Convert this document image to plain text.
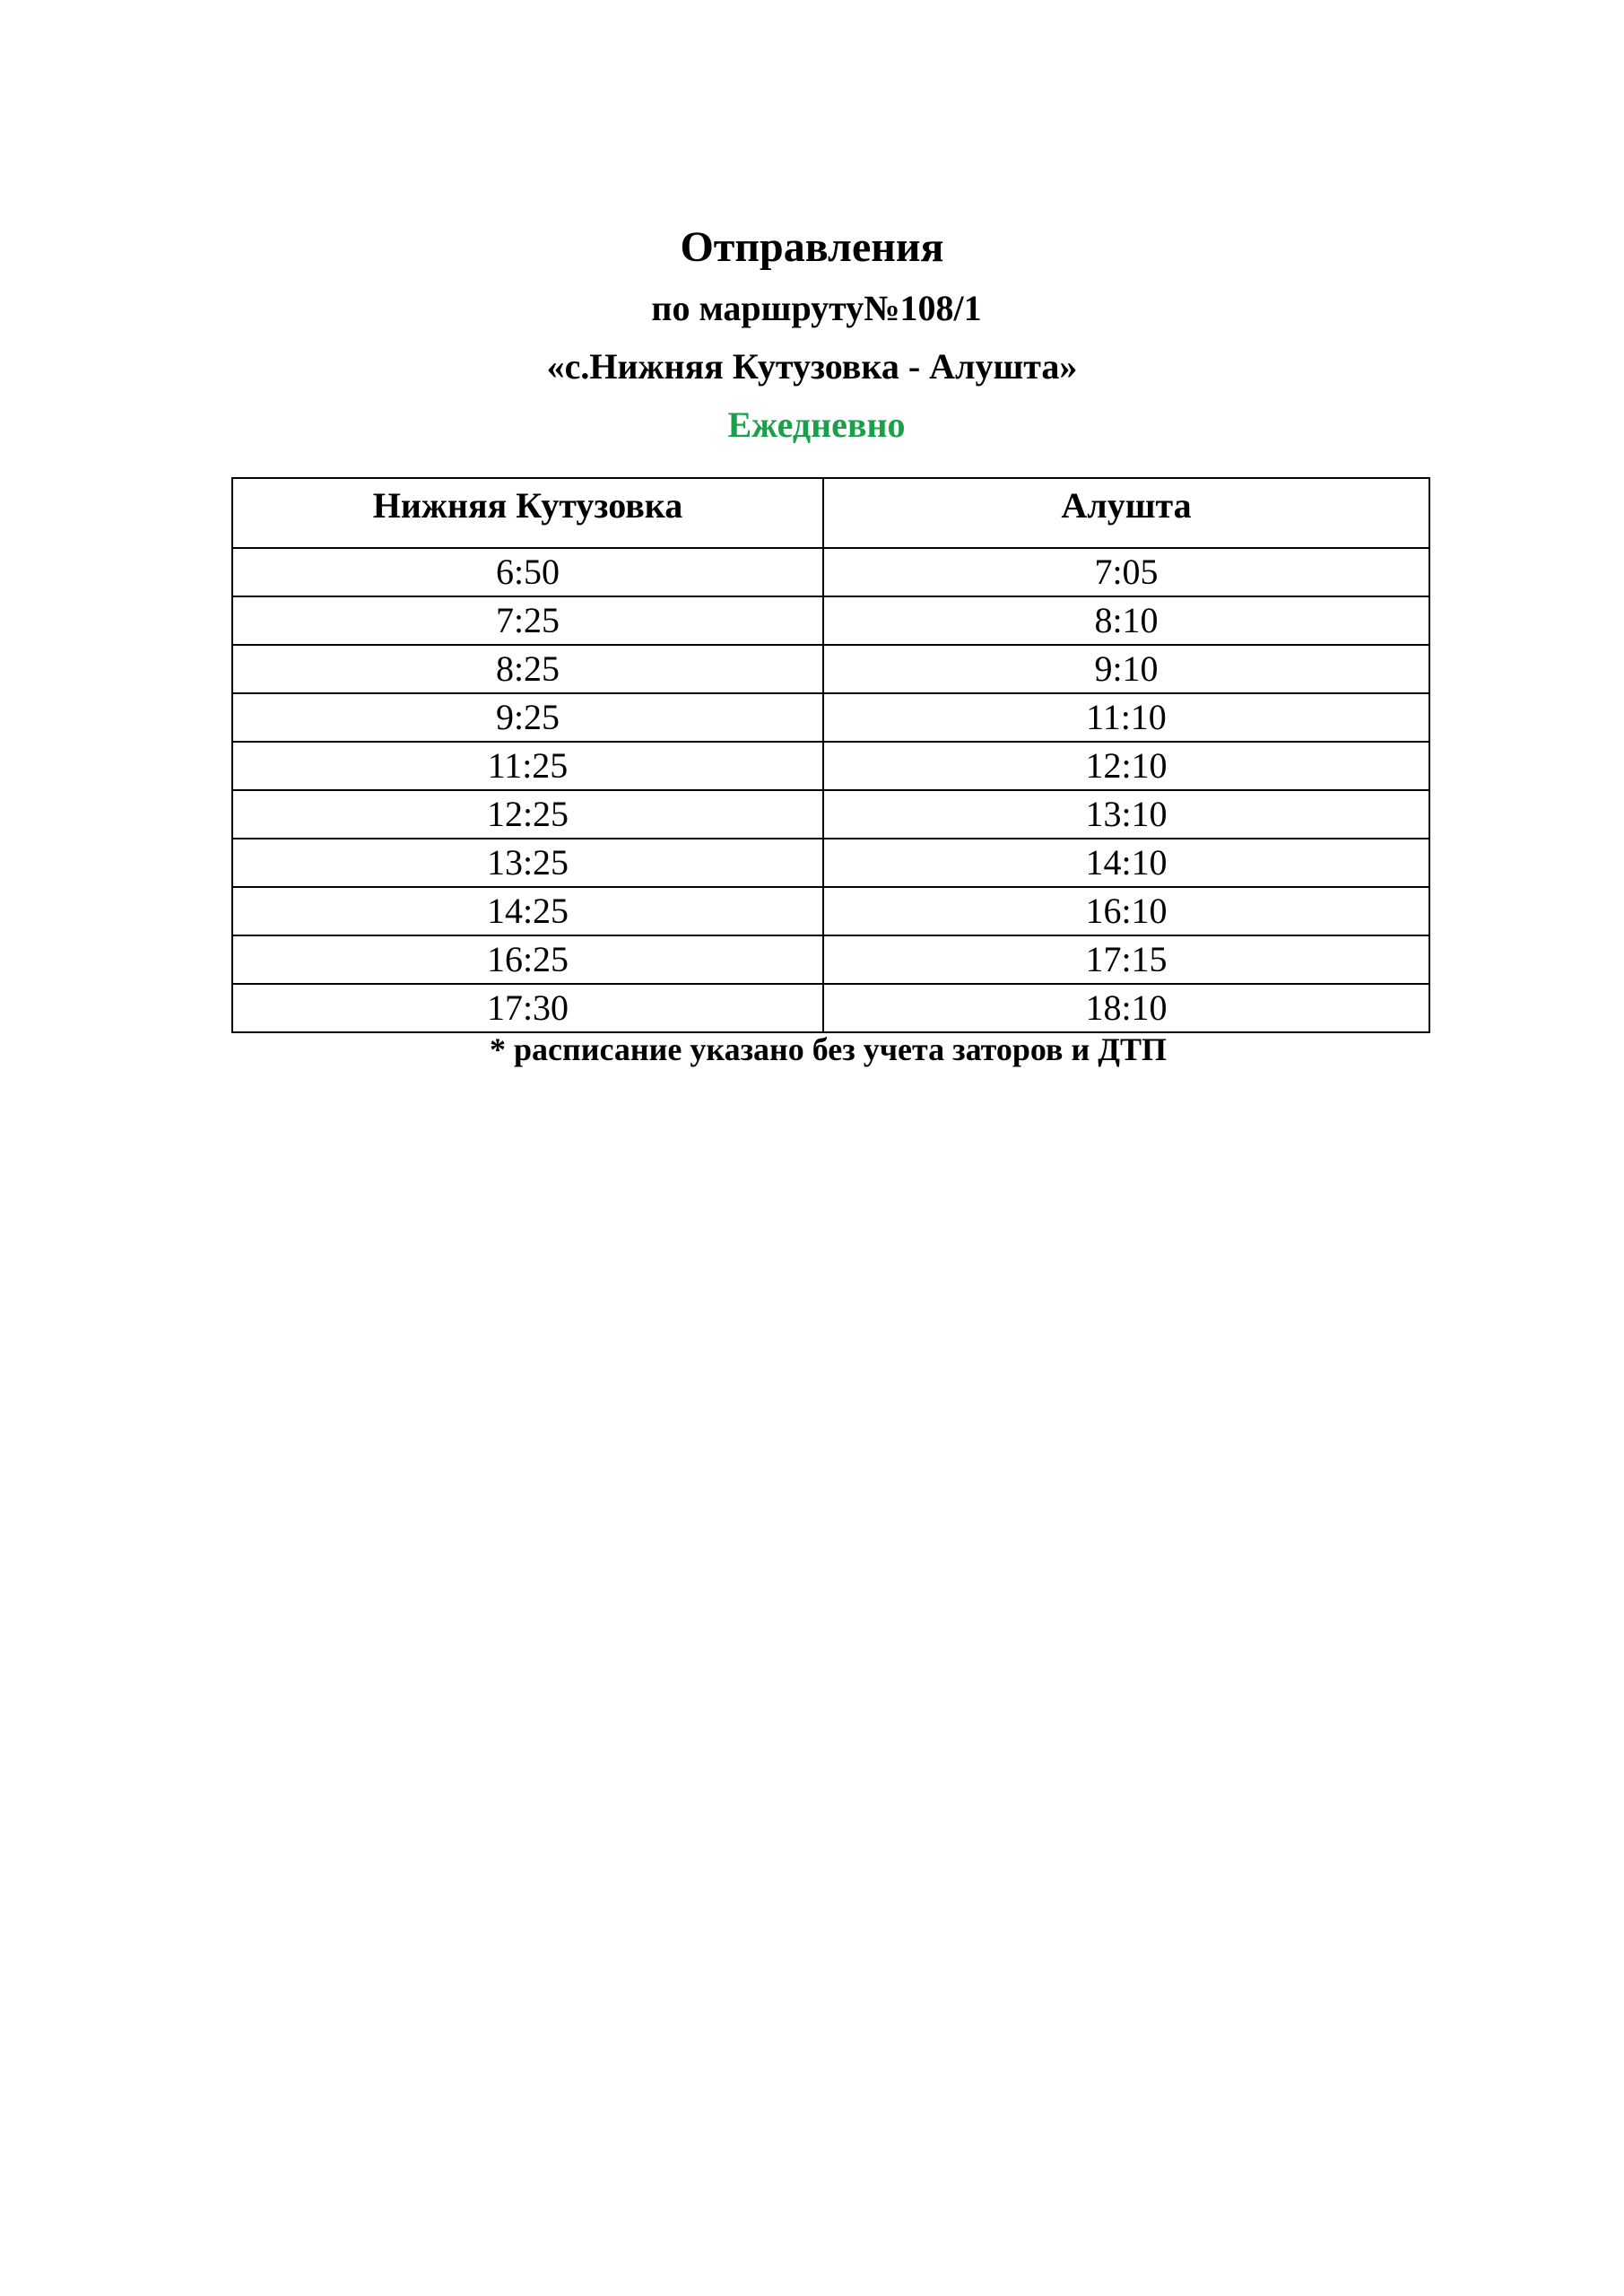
Отправления
по маршруту№108/1
«с.Нижняя Кутузовка - Алушта»
Ежедневно
Нижняя Кутузовка	Алушта
6:50	7:05
7:25	8:10
8:25	9:10
9:25	11:10
11:25	12:10
12:25	13:10
13:25	14:10
14:25	16:10
16:25	17:15
17:30	18:10
* расписание указано без учета заторов и ДТП
